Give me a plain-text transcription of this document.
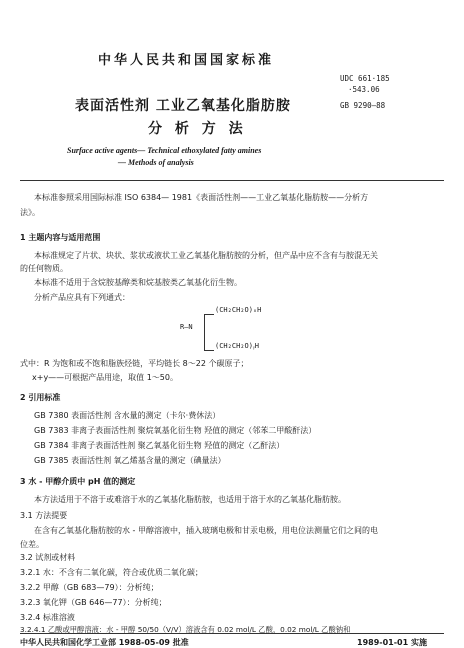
中华人民共和国国家标准
UDC 661·185
·543.06
GB 9290—88
表面活性剂 工业乙氧基化脂肪胺
分 析 方 法
Surface active agents— Technical ethoxylated fatty amines
— Methods of analysis
本标准参照采用国际标准 ISO 6384— 1981《表面活性剂——工业乙氧基化脂肪胺——分析方
法》。
1 主题内容与适用范围
本标准规定了片状、块状、浆状或液状工业乙氧基化脂肪胺的分析，但产品中应不含有与胺混无关
的任何物质。
本标准不适用于含烷胺基醇类和烷基胺类乙氧基化衍生物。
分析产品应具有下列通式：
(CH₂CH₂O)ₓH
R—N
(CH₂CH₂O)ᵧH
式中：R 为饱和或不饱和脂族烃链，平均链长 8～22 个碳原子；
x+y——可根据产品用途，取值 1～50。
2 引用标准
GB 7380 表面活性剂 含水量的测定（卡尔·费休法）
GB 7383 非离子表面活性剂 聚烷氧基化衍生物 羟值的测定（邻苯二甲酸酐法）
GB 7384 非离子表面活性剂 聚乙氧基化衍生物 羟值的测定（乙酐法）
GB 7385 表面活性剂 氧乙烯基含量的测定（碘量法）
3 水 - 甲醇介质中 pH 值的测定
本方法适用于不溶于或难溶于水的乙氧基化脂肪胺，也适用于溶于水的乙氧基化脂肪胺。
3.1 方法提要
在含有乙氧基化脂肪胺的水 - 甲醇溶液中，插入玻璃电极和甘汞电极，用电位法测量它们之间的电
位差。
3.2 试剂或材料
3.2.1 水：不含有二氧化碳，符合或优质二氧化碳；
3.2.2 甲醇（GB 683—79）：分析纯；
3.2.3 氧化钾（GB 646—77）：分析纯；
3.2.4 标准溶液
3.2.4.1 乙酸或甲醇溶液：水 - 甲醇 50/50（V/V）溶液含有 0.02 mol/L 乙酸，0.02 mol/L 乙酸钠和
中华人民共和国化学工业部 1988-05-09 批准	1989-01-01 实施
